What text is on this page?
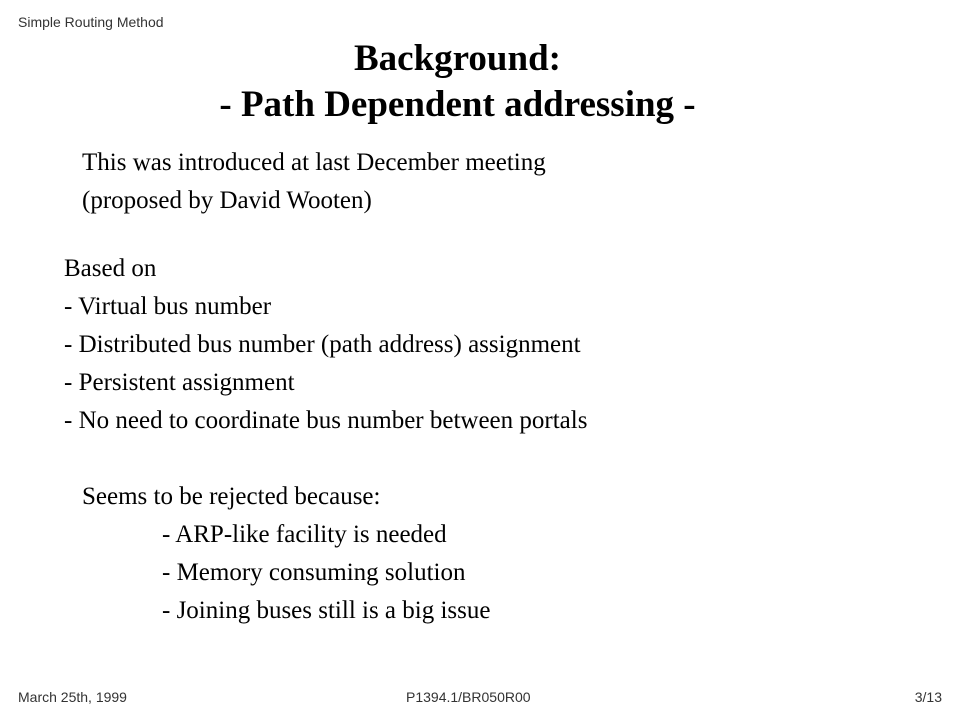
Simple Routing Method
Background:
- Path Dependent addressing -
This was introduced at last December meeting
(proposed by David Wooten)
Based on
- Virtual bus number
- Distributed bus number (path address) assignment
- Persistent assignment
- No need to coordinate bus number between portals
Seems to be rejected because:
- ARP-like facility is needed
- Memory consuming solution
- Joining buses still is a big issue
March 25th, 1999	P1394.1/BR050R00	3/13
